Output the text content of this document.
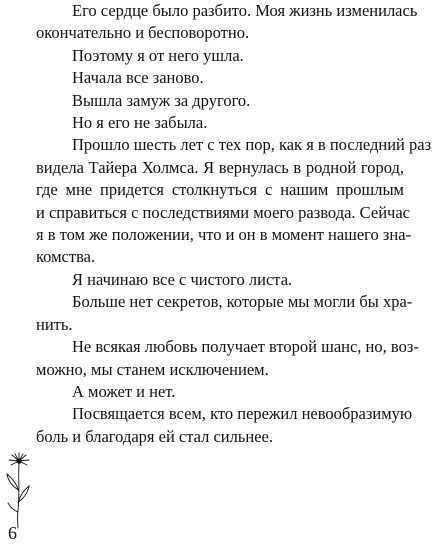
Его сердце было разбито. Моя жизнь изменилась
окончательно и бесповоротно.
Поэтому я от него ушла.
Начала все заново.
Вышла замуж за другого.
Но я его не забыла.
Прошло шесть лет с тех пор, как я в последний раз
видела Тайера Холмса. Я вернулась в родной город,
где мне придется столкнуться с нашим прошлым
и справиться с последствиями моего развода. Сейчас
я в том же положении, что и он в момент нашего зна-
комства.
Я начинаю все с чистого листа.
Больше нет секретов, которые мы могли бы хра-
нить.
Не всякая любовь получает второй шанс, но, воз-
можно, мы станем исключением.
А может и нет.
Посвящается всем, кто пережил невообразимую
боль и благодаря ей стал сильнее.
6
